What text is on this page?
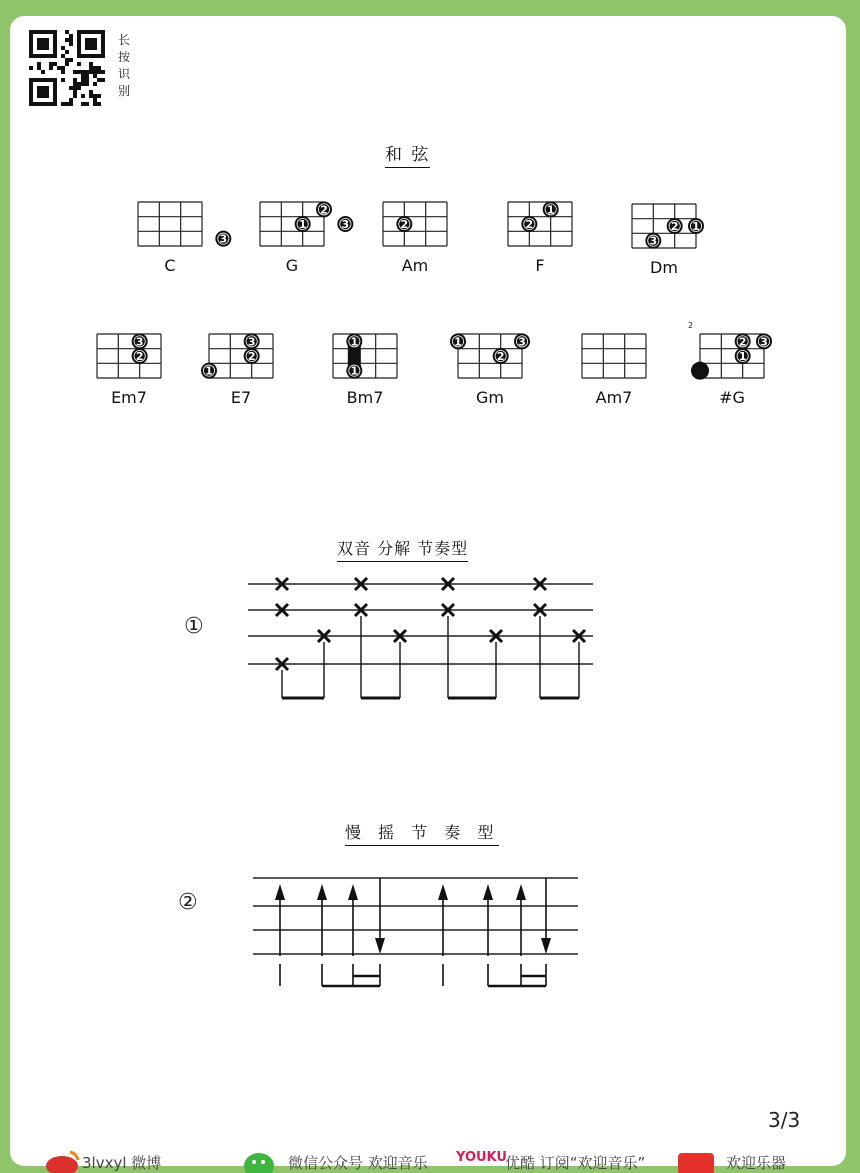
长按识别
和 弦
3
C
1
2
3
G
2
Am
1
2
F
1
2
3
Dm
2
3
Em7
1
2
3
E7
1
1
Bm7
1
2
3
Gm	Am7
2
1
2 3
#G
双音 分解 节奏型
①
慢 摇 节 奏 型
②
3/3
3lvxyl 微博	微信公众号 欢迎音乐 YOUKU
优酷 订阅“欢迎音乐”	欢迎乐器
